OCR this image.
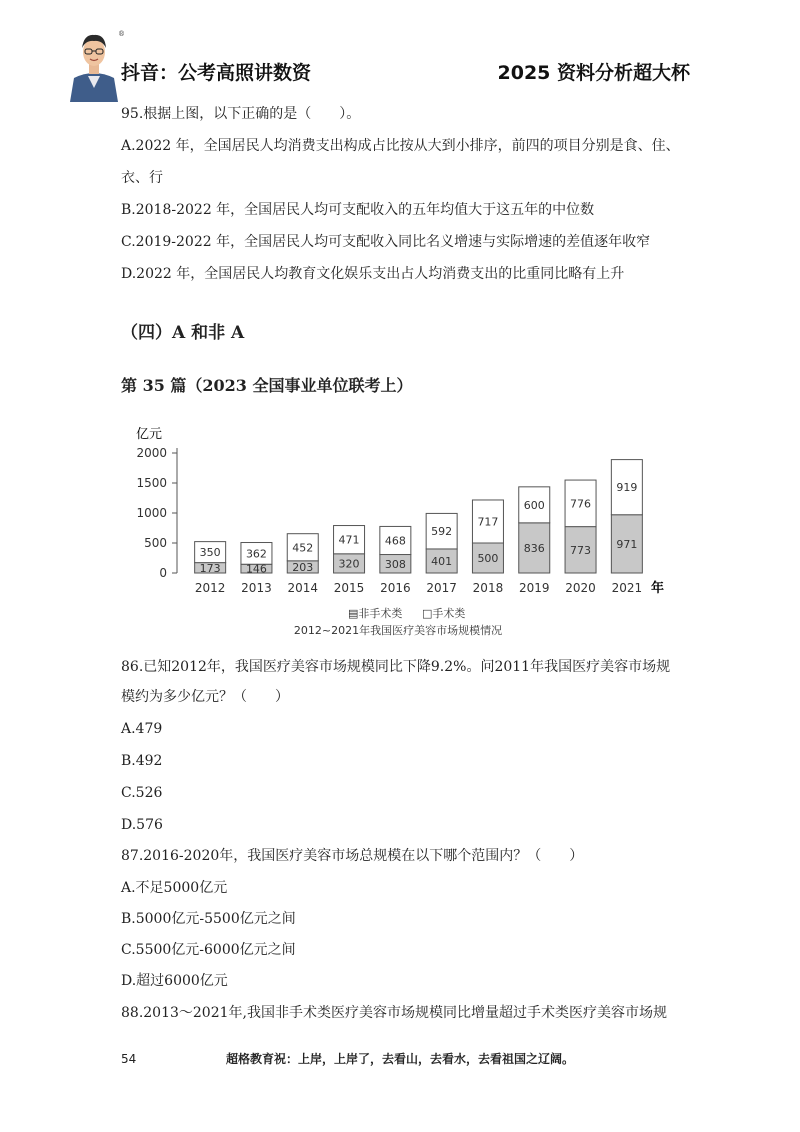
®
抖音：公考高照讲数资	2025 资料分析超大杯
95.根据上图，以下正确的是（　　）。
A.2022 年，全国居民人均消费支出构成占比按从大到小排序，前四的项目分别是食、住、
衣、行
B.2018-2022 年，全国居民人均可支配收入的五年均值大于这五年的中位数
C.2019-2022 年，全国居民人均可支配收入同比名义增速与实际增速的差值逐年收窄
D.2022 年，全国居民人均教育文化娱乐支出占人均消费支出的比重同比略有上升
（四）A 和非 A
第 35 篇（2023 全国事业单位联考上）
亿元
0
500
1000
1500
2000
173
350
2012
146
362
2013
203
452
2014
320
471
2015
308
468
2016
401
592
2017
500
717
2018
836
600
2019
773
776
2020
971
919
2021 年
▤非手术类 □手术类
2012~2021年我国医疗美容市场规模情况
86.已知2012年，我国医疗美容市场规模同比下降9.2%。问2011年我国医疗美容市场规
模约为多少亿元？（　　）
A.479
B.492
C.526
D.576
87.2016-2020年，我国医疗美容市场总规模在以下哪个范围内？（　　）
A.不足5000亿元
B.5000亿元-5500亿元之间
C.5500亿元-6000亿元之间
D.超过6000亿元
88.2013～2021年,我国非手术类医疗美容市场规模同比增量超过手术类医疗美容市场规
54	超格教育祝：上岸，上岸了，去看山，去看水，去看祖国之辽阔。
